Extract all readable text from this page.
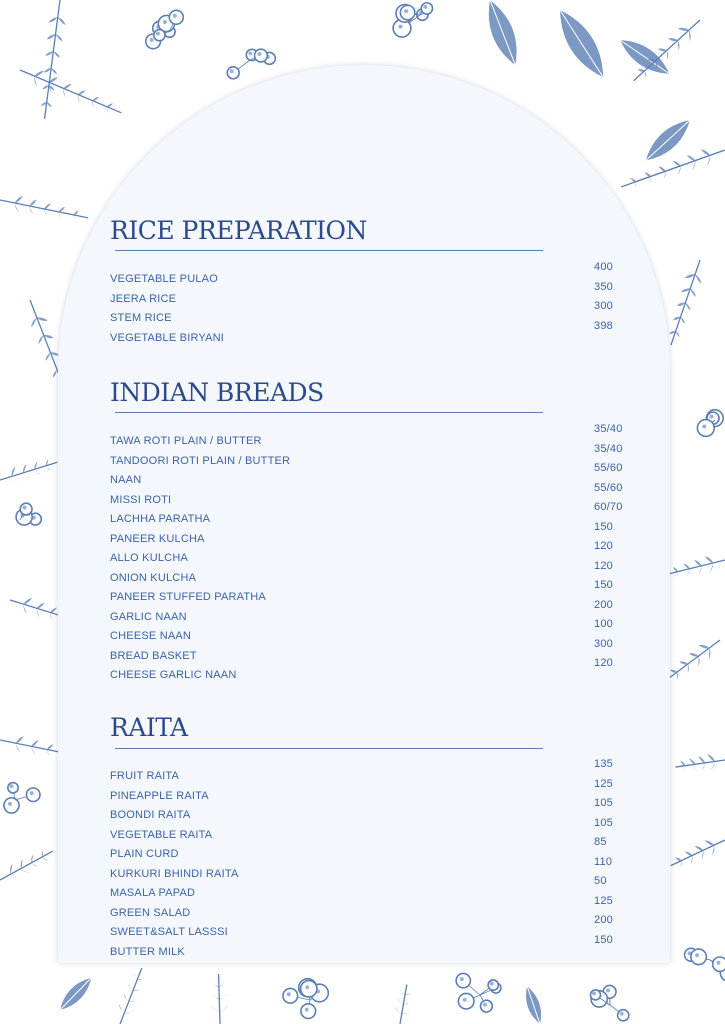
RICE PREPARATION
VEGETABLE PULAO
JEERA RICE
STEM RICE
VEGETABLE BIRYANI
400
350
300
398
INDIAN BREADS
TAWA ROTI PLAIN / BUTTER
TANDOORI ROTI PLAIN / BUTTER
NAAN
MISSI ROTI
LACHHA PARATHA
PANEER KULCHA
ALLO KULCHA
ONION KULCHA
PANEER STUFFED PARATHA
GARLIC NAAN
CHEESE NAAN
BREAD BASKET
CHEESE GARLIC NAAN
35/40
35/40
55/60
55/60
60/70
150
120
120
150
200
100
300
120
RAITA
FRUIT RAITA
PINEAPPLE RAITA
BOONDI RAITA
VEGETABLE RAITA
PLAIN CURD
KURKURI BHINDI RAITA
MASALA PAPAD
GREEN SALAD
SWEET&SALT LASSSI
BUTTER MILK
135
125
105
105
85
110
50
125
200
150
